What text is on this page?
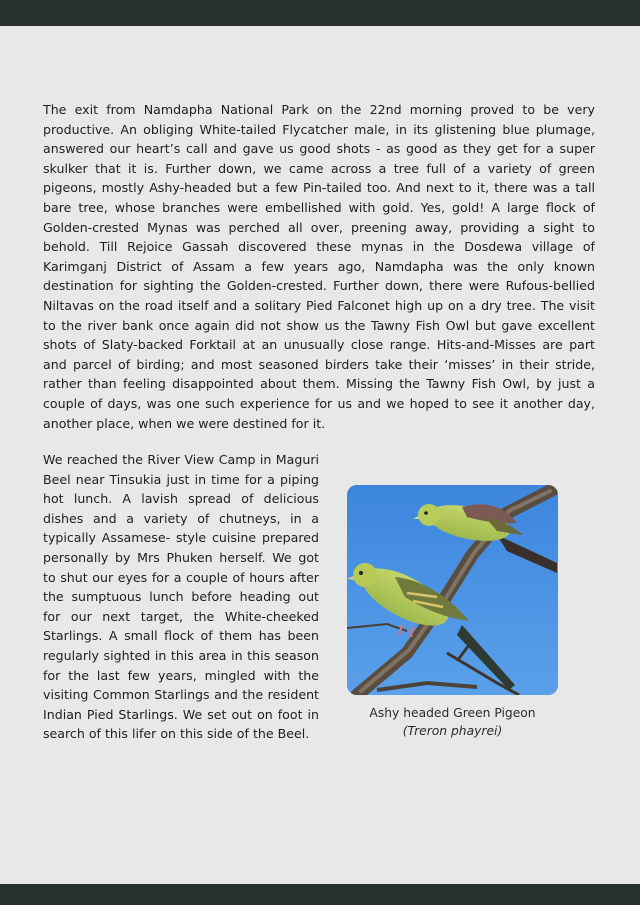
The exit from Namdapha National Park on the 22nd morning proved to be very productive. An obliging White-tailed Flycatcher male, in its glistening blue plumage, answered our heart’s call and gave us good shots - as good as they get for a super skulker that it is. Further down, we came across a tree full of a variety of green pigeons, mostly Ashy-headed but a few Pin-tailed too. And next to it, there was a tall bare tree, whose branches were embellished with gold. Yes, gold! A large flock of Golden-crested Mynas was perched all over, preening away, providing a sight to behold. Till Rejoice Gassah discovered these mynas in the Dosdewa village of Karimganj District of Assam a few years ago, Namdapha was the only known destination for sighting the Golden-crested. Further down, there were Rufous-bellied Niltavas on the road itself and a solitary Pied Falconet high up on a dry tree. The visit to the river bank once again did not show us the Tawny Fish Owl but gave excellent shots of Slaty-backed Forktail at an unusually close range. Hits-and-Misses are part and parcel of birding; and most seasoned birders take their ‘misses’ in their stride, rather than feeling disappointed about them. Missing the Tawny Fish Owl, by just a couple of days, was one such experience for us and we hoped to see it another day, another place, when we were destined for it.

We reached the River View Camp in Maguri Beel near Tinsukia just in time for a piping hot lunch. A lavish spread of delicious dishes and a variety of chutneys, in a typically Assamese- style cuisine prepared personally by Mrs Phuken herself. We got to shut our eyes for a couple of hours after the sumptuous lunch before heading out for our next target, the White-cheeked Starlings. A small flock of them has been regularly sighted in this area in this season for the last few years, mingled with the visiting Common Starlings and the resident Indian Pied Starlings. We set out on foot in search of this lifer on this side of the Beel.

Ashy headed Green Pigeon
(Treron phayrei)
